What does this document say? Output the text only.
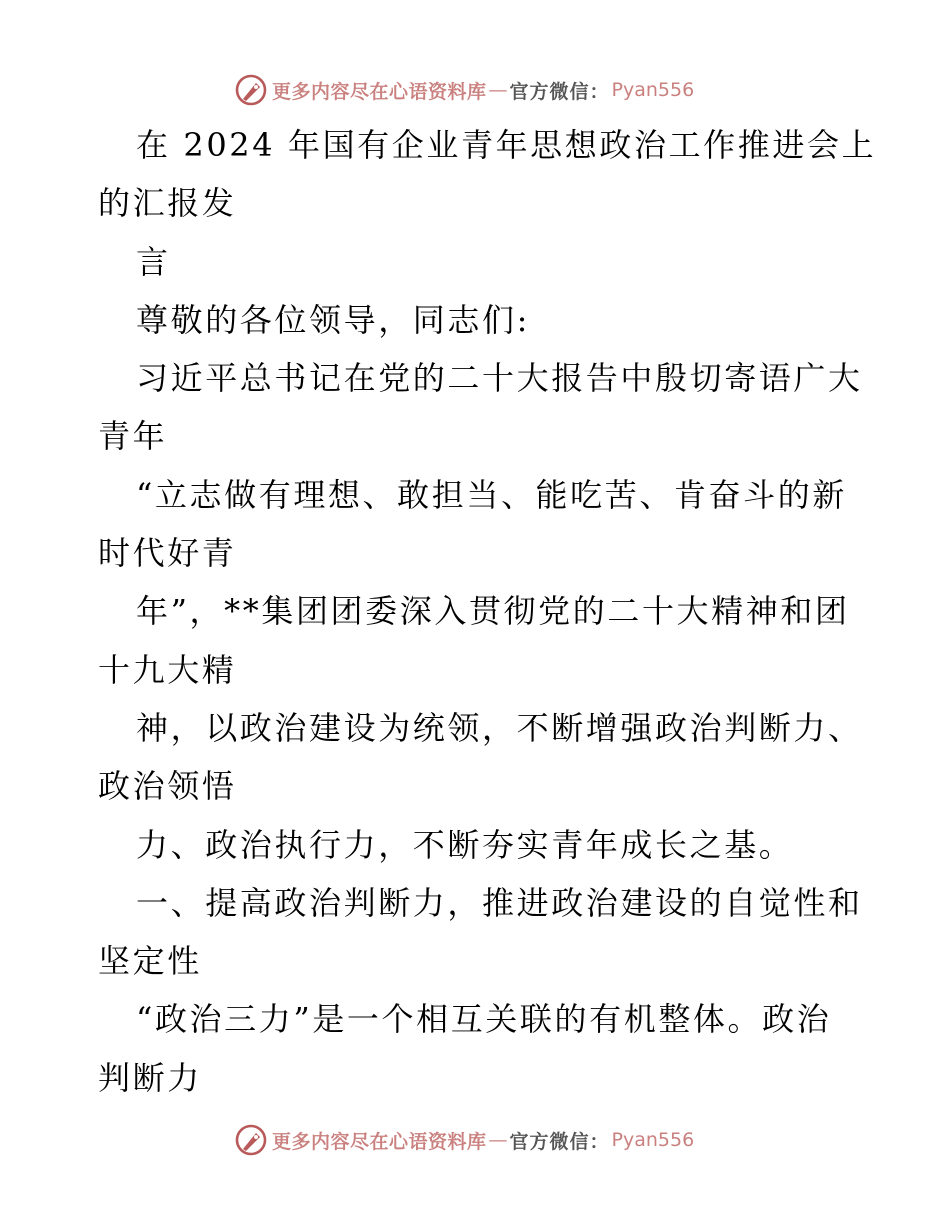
更多内容尽在心语资料库 — 官方微信： Pyan556
在 2024 年国有企业青年思想政治工作推进会上
的汇报发
言
尊敬的各位领导，同志们:
习近平总书记在党的二十大报告中殷切寄语广大
青年
“立志做有理想、敢担当、能吃苦、肯奋斗的新
时代好青
年”，**集团团委深入贯彻党的二十大精神和团
十九大精
神，以政治建设为统领，不断增强政治判断力、
政治领悟
力、政治执行力，不断夯实青年成长之基。
一、提高政治判断力，推进政治建设的自觉性和
坚定性
“政治三力”是一个相互关联的有机整体。政治
判断力
更多内容尽在心语资料库 — 官方微信： Pyan556
